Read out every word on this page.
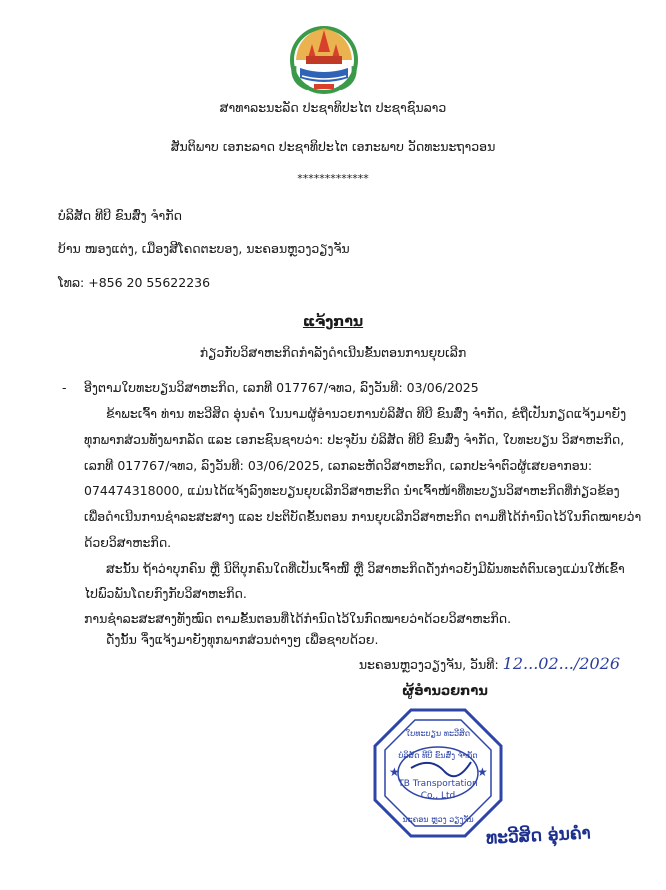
ສາທາລະນະລັດ ປະຊາທິປະໄຕ ປະຊາຊົນລາວ
ສັນຕິພາບ ເອກະລາດ ປະຊາທິປະໄຕ ເອກະພາບ ວັດທະນະຖາວອນ
*************
ບໍລິສັດ ທີບີ ຂົນສົ່ງ ຈຳກັດ
ບ້ານ ໜອງແຕ່ງ, ເມືອງສີໂຄດຕະບອງ, ນະຄອນຫຼວງວຽງຈັນ
ໂທລ: +856 20 55622236
ແຈ້ງການ
ກ່ຽວກັບວິສາຫະກິດກຳລັງດຳເນີນຂັ້ນຕອນການຍຸບເລີກ
- ອີງຕາມໃບທະບຽນວິສາຫະກິດ, ເລກທີ 017767/ຈທວ, ລົງວັນທີ: 03/06/2025
ຂ້າພະເຈົ້າ ທ່ານ ທະວີສິດ ອຸ່ນຄຳ ໃນນາມຜູ້ອຳນວຍການບໍລິສັດ ທີບີ ຂົນສົ່ງ ຈຳກັດ, ຂໍຖືເປັນກຽດແຈ້ງມາຍັງ
ທຸກພາກສ່ວນທັງພາກລັດ ແລະ ເອກະຊົນຊາບວ່າ: ປະຈຸບັນ ບໍລິສັດ ທີບີ ຂົນສົ່ງ ຈຳກັດ, ໃບທະບຽນ ວິສາຫະກິດ,
ເລກທີ 017767/ຈທວ, ລົງວັນທີ: 03/06/2025, ເລກລະຫັດວິສາຫະກິດ, ເລກປະຈຳຕົວຜູ້ເສຍອາກອນ:
074474318000, ແມ່ນໄດ້ແຈ້ງລົງທະບຽນຍຸບເລີກວິສາຫະກິດ ນຳເຈົ້າໜ້າທີ່ທະບຽນວິສາຫະກິດທີ່ກ່ຽວຂ້ອງ
ເພື່ອດຳເນີນການຊຳລະສະສາງ ແລະ ປະຕິບັດຂັ້ນຕອນ ການຍຸບເລີກວິສາຫະກິດ ຕາມທີ່ໄດ້ກຳນົດໄວ້ໃນກົດໝາຍວ່າ
ດ້ວຍວິສາຫະກິດ.
ສະນັ້ນ ຖ້າວ່າບຸກຄົນ ຫຼື ນິຕິບຸກຄົນໃດທີ່ເປັນເຈົ້າໜີ້ ຫຼື ວິສາຫະກິດດັ່ງກ່າວຍັງມີພັນທະຕໍ່ຕົນເອງແມ່ນໃຫ້ເຂົ້າ
ໄປພົວພັນໂດຍກົງກັບວິສາຫະກິດ.
ການຊຳລະສະສາງທັງໝົດ ຕາມຂັ້ນຕອນທີ່ໄດ້ກຳນົດໄວ້ໃນກົດໝາຍວ່າດ້ວຍວິສາຫະກິດ.
ດັ່ງນັ້ນ ຈຶ່ງແຈ້ງມາຍັງທຸກພາກສ່ວນຕ່າງໆ ເພື່ອຊາບດ້ວຍ.
ນະຄອນຫຼວງວຽງຈັນ, ວັນທີ: 12...02.../2026
ຜູ້ອຳນວຍການ
ໃບທະບຽນ ທະວີສິດ
ບໍລິສັດ ທີບີ ຂົນສົ່ງ ຈຳກັດ
TB Transportation
Co., Ltd
ນະຄອນ ຫຼວງ ວຽງຈັນ
★	★
ທະວີສິດ ອຸ່ນຄຳ
